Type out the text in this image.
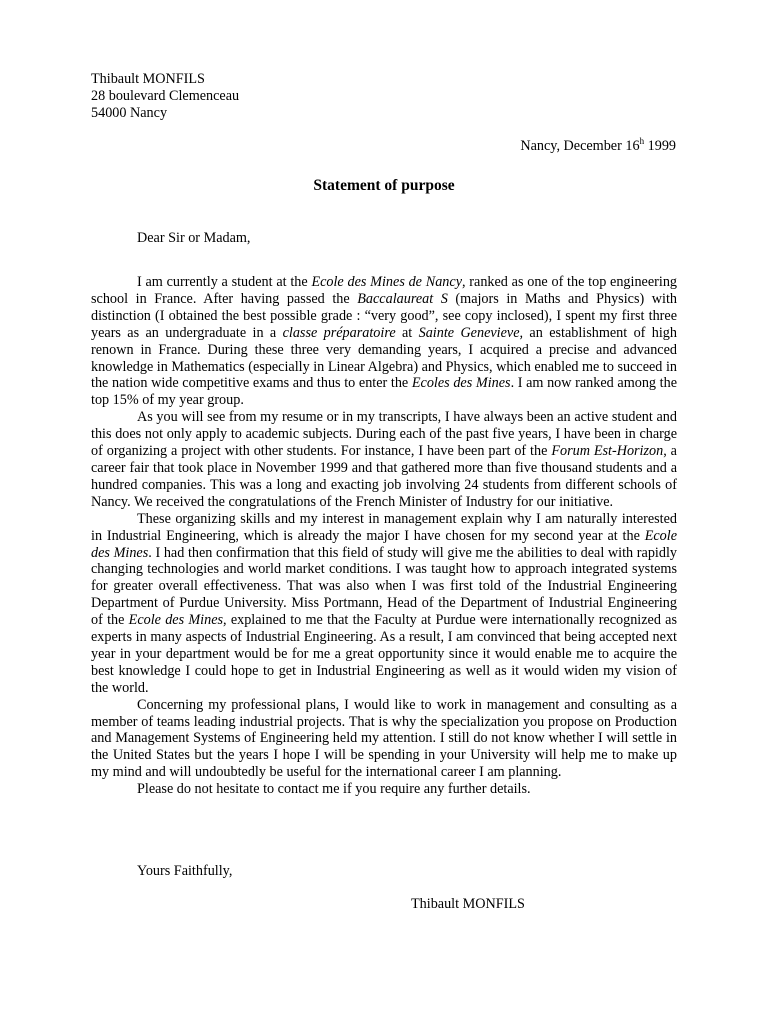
Thibault MONFILS
28 boulevard Clemenceau
54000 Nancy
Nancy, December 16$^h$ 1999
Statement of purpose
Dear Sir or Madam,

I am currently a student at the Ecole des Mines de Nancy, ranked as one of the top engineering school in France. After having passed the Baccalaureat S (majors in Maths and Physics) with distinction (I obtained the best possible grade : “very good”, see copy inclosed), I spent my first three years as an undergraduate in a classe préparatoire at Sainte Genevieve, an establishment of high renown in France. During these three very demanding years, I acquired a precise and advanced knowledge in Mathematics (especially in Linear Algebra) and Physics, which enabled me to succeed in the nation wide competitive exams and thus to enter the Ecoles des Mines. I am now ranked among the top 15% of my year group.

As you will see from my resume or in my transcripts, I have always been an active student and this does not only apply to academic subjects. During each of the past five years, I have been in charge of organizing a project with other students. For instance, I have been part of the Forum Est-Horizon, a career fair that took place in November 1999 and that gathered more than five thousand students and a hundred companies. This was a long and exacting job involving 24 students from different schools of Nancy. We received the congratulations of the French Minister of Industry for our initiative.

These organizing skills and my interest in management explain why I am naturally interested in Industrial Engineering, which is already the major I have chosen for my second year at the Ecole des Mines. I had then confirmation that this field of study will give me the abilities to deal with rapidly changing technologies and world market conditions. I was taught how to approach integrated systems for greater overall effectiveness. That was also when I was first told of the Industrial Engineering Department of Purdue University. Miss Portmann, Head of the Department of Industrial Engineering of the Ecole des Mines, explained to me that the Faculty at Purdue were internationally recognized as experts in many aspects of Industrial Engineering. As a result, I am convinced that being accepted next year in your department would be for me a great opportunity since it would enable me to acquire the best knowledge I could hope to get in Industrial Engineering as well as it would widen my vision of the world.

Concerning my professional plans, I would like to work in management and consulting as a member of teams leading industrial projects. That is why the specialization you propose on Production and Management Systems of Engineering held my attention. I still do not know whether I will settle in the United States but the years I hope I will be spending in your University will help me to make up my mind and will undoubtedly be useful for the international career I am planning.

Please do not hesitate to contact me if you require any further details.

Yours Faithfully,
Thibault MONFILS
